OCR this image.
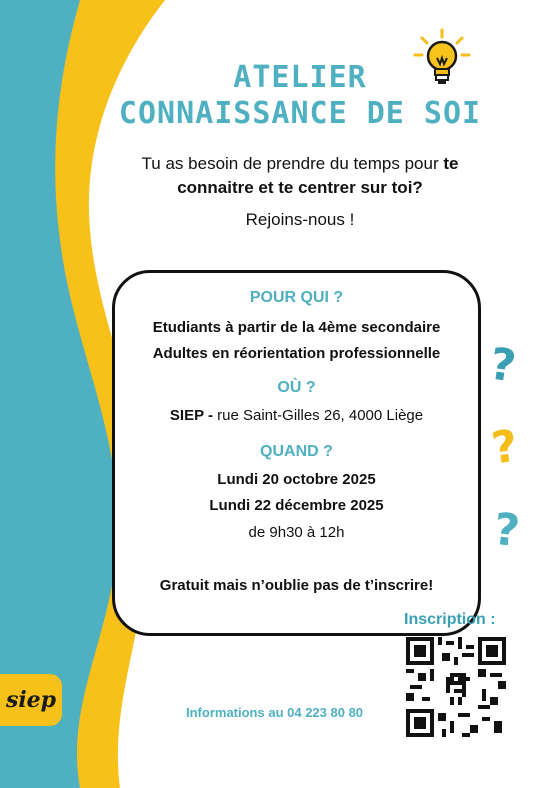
ATELIER
CONNAISSANCE DE SOI
Tu as besoin de prendre du temps pour te
connaitre et te centrer sur toi?
Rejoins-nous !
POUR QUI ?
Etudiants à partir de la 4ème secondaire
Adultes en réorientation professionnelle
OÙ ?
SIEP - rue Saint-Gilles 26, 4000 Liège
QUAND ?
Lundi 20 octobre 2025
Lundi 22 décembre 2025
de 9h30 à 12h
Gratuit mais n’oublie pas de t’inscrire!
?
?
?
Inscription :
Informations au 04 223 80 80
siep
